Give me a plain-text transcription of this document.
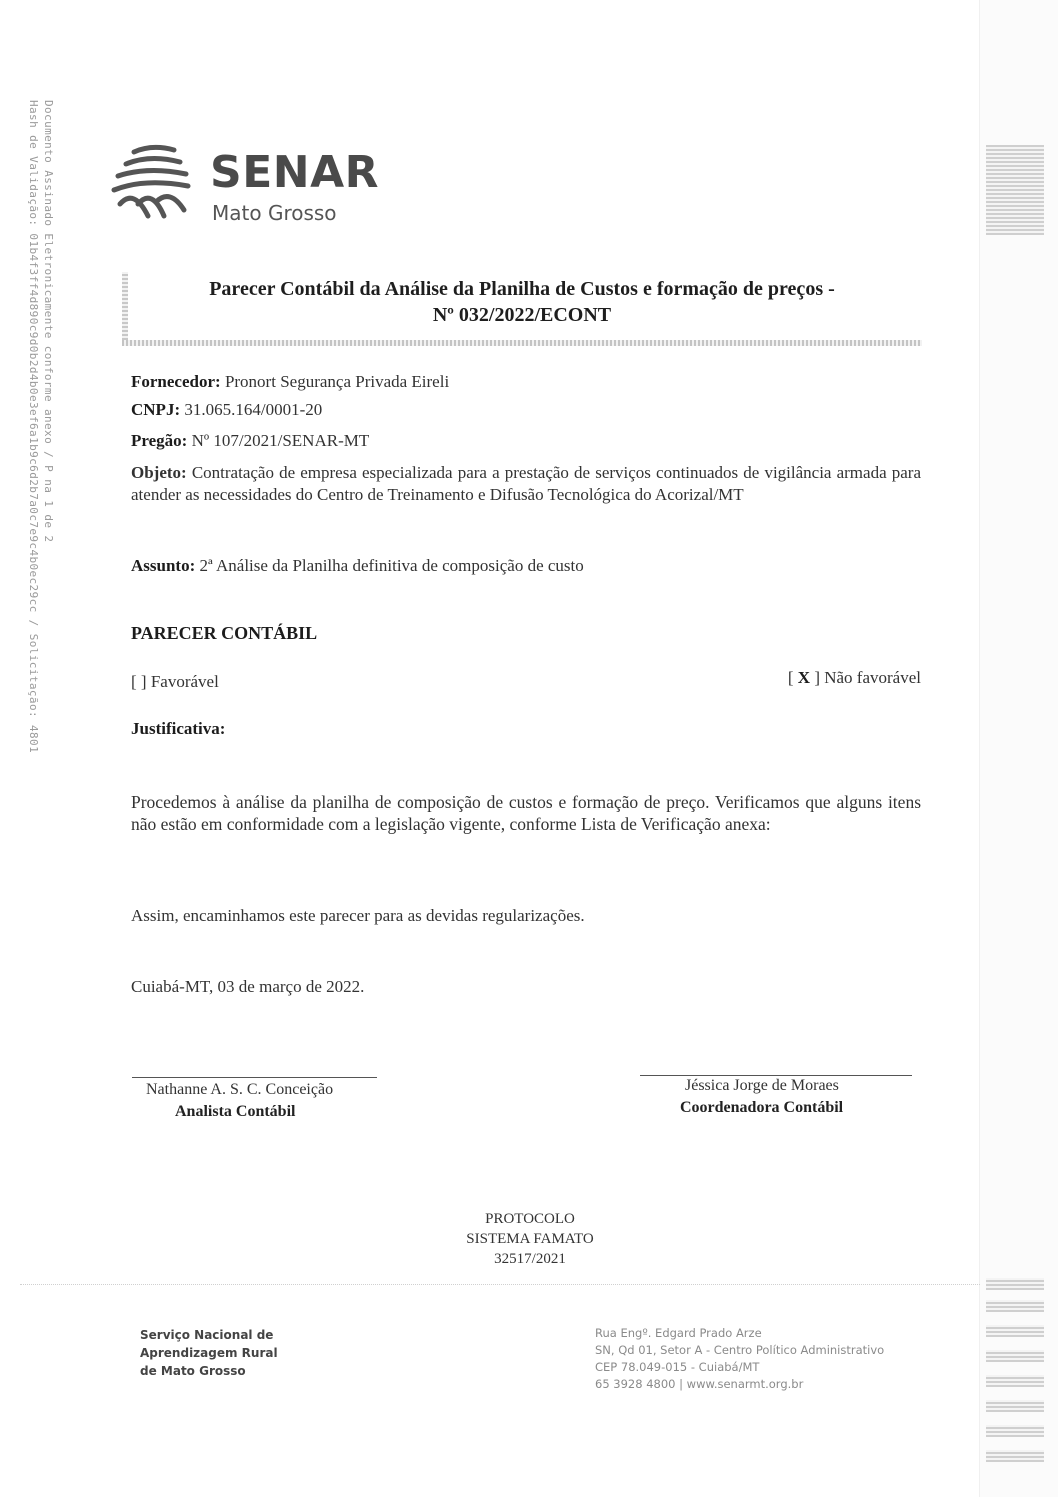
Documento Assinado Eletronicamente conforme anexo / P na 1 de 2
Hash de Validação: 01b4f3ff4d890c9d0b2d4b0e3ef6a1b9c6d2b7a0c7e9c4b0ec29cc / Solicitação: 4801	SENAR
Mato Grosso
Parecer Contábil da Análise da Planilha de Custos e formação de preços -
Nº 032/2022/ECONT
Fornecedor: Pronort Segurança Privada Eireli
CNPJ: 31.065.164/0001-20
Pregão: Nº 107/2021/SENAR-MT
Objeto: Contratação de empresa especializada para a prestação de serviços continuados de vigilância armada para atender as necessidades do Centro de Treinamento e Difusão Tecnológica do Acorizal/MT
Assunto: 2ª Análise da Planilha definitiva de composição de custo
PARECER CONTÁBIL
[ ] Favorável	[ X ] Não favorável
Justificativa:
Procedemos à análise da planilha de composição de custos e formação de preço. Verificamos que alguns itens não estão em conformidade com a legislação vigente, conforme Lista de Verificação anexa:
Assim, encaminhamos este parecer para as devidas regularizações.
Cuiabá-MT, 03 de março de 2022.
Nathanne A. S. C. Conceição
Analista Contábil
Jéssica Jorge de Moraes
Coordenadora Contábil
PROTOCOLO
SISTEMA FAMATO
32517/2021
Serviço Nacional de
Aprendizagem Rural
de Mato Grosso
Rua Engº. Edgard Prado Arze
SN, Qd 01, Setor A - Centro Político Administrativo
CEP 78.049-015 - Cuiabá/MT
65 3928 4800 | www.senarmt.org.br
